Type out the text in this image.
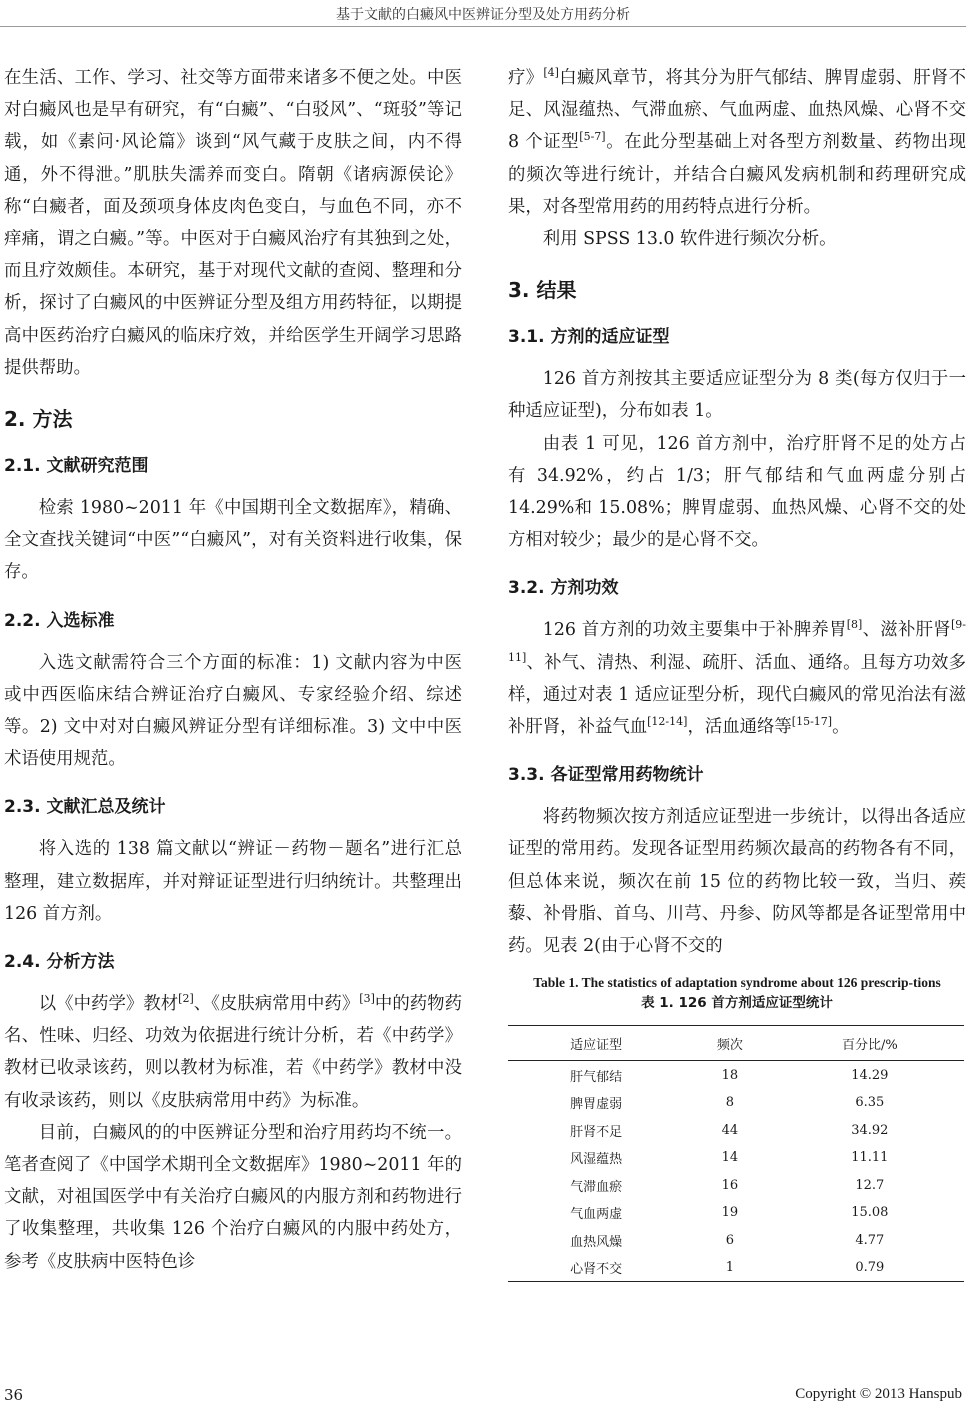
基于文献的白癜风中医辨证分型及处方用药分析

在生活、工作、学习、社交等方面带来诸多不便之处。中医对白癜风也是早有研究，有“白癜”、“白驳风”、“斑驳”等记载，如《素问·风论篇》谈到“风气藏于皮肤之间，内不得通，外不得泄。”肌肤失濡养而变白。隋朝《诸病源侯论》称“白癜者，面及颈项身体皮肉色变白，与血色不同，亦不痒痛，谓之白癜。”等。中医对于白癜风治疗有其独到之处，而且疗效颇佳。本研究，基于对现代文献的查阅、整理和分析，探讨了白癜风的中医辨证分型及组方用药特征，以期提高中医药治疗白癜风的临床疗效，并给医学生开阔学习思路提供帮助。

2. 方法
2.1. 文献研究范围

检索 1980~2011 年《中国期刊全文数据库》，精确、全文查找关键词“中医”“白癜风”，对有关资料进行收集，保存。

2.2. 入选标准

入选文献需符合三个方面的标准：1) 文献内容为中医或中西医临床结合辨证治疗白癜风、专家经验介绍、综述等。2) 文中对对白癜风辨证分型有详细标准。3) 文中中医术语使用规范。

2.3. 文献汇总及统计

将入选的 138 篇文献以“辨证－药物－题名”进行汇总整理，建立数据库，并对辩证证型进行归纳统计。共整理出 126 首方剂。

2.4. 分析方法

以《中药学》教材[2]、《皮肤病常用中药》[3]中的药物药名、性味、归经、功效为依据进行统计分析，若《中药学》教材已收录该药，则以教材为标准，若《中药学》教材中没有收录该药，则以《皮肤病常用中药》为标准。

目前，白癜风的的中医辨证分型和治疗用药均不统一。笔者查阅了《中国学术期刊全文数据库》1980~2011 年的文献，对祖国医学中有关治疗白癜风的内服方剂和药物进行了收集整理，共收集 126 个治疗白癜风的内服中药处方，参考《皮肤病中医特色诊

疗》[4]白癜风章节，将其分为肝气郁结、脾胃虚弱、肝肾不足、风湿蕴热、气滞血瘀、气血两虚、血热风燥、心肾不交 8 个证型[5-7]。在此分型基础上对各型方剂数量、药物出现的频次等进行统计，并结合白癜风发病机制和药理研究成果，对各型常用药的用药特点进行分析。

利用 SPSS 13.0 软件进行频次分析。

3. 结果
3.1. 方剂的适应证型

126 首方剂按其主要适应证型分为 8 类(每方仅归于一种适应证型)，分布如表 1。

由表 1 可见，126 首方剂中，治疗肝肾不足的处方占有 34.92%，约占 1/3；肝气郁结和气血两虚分别占 14.29%和 15.08%；脾胃虚弱、血热风燥、心肾不交的处方相对较少；最少的是心肾不交。

3.2. 方剂功效

126 首方剂的功效主要集中于补脾养胃[8]、滋补肝肾[9-11]、补气、清热、利湿、疏肝、活血、通络。且每方功效多样，通过对表 1 适应证型分析，现代白癜风的常见治法有滋补肝肾，补益气血[12-14]，活血通络等[15-17]。

3.3. 各证型常用药物统计

将药物频次按方剂适应证型进一步统计，以得出各适应证型的常用药。发现各证型用药频次最高的药物各有不同，但总体来说，频次在前 15 位的药物比较一致，当归、蒺藜、补骨脂、首乌、川芎、丹参、防风等都是各证型常用中药。见表 2(由于心肾不交的

Table 1. The statistics of adaptation syndrome about 126 prescrip-tions
表 1. 126 首方剂适应证型统计
适应证型	频次	百分比/%
肝气郁结	18	14.29
脾胃虚弱	8	6.35
肝肾不足	44	34.92
风湿蕴热	14	11.11
气滞血瘀	16	12.7
气血两虚	19	15.08
血热风燥	6	4.77
心肾不交	1	0.79
36	Copyright © 2013 Hanspub
